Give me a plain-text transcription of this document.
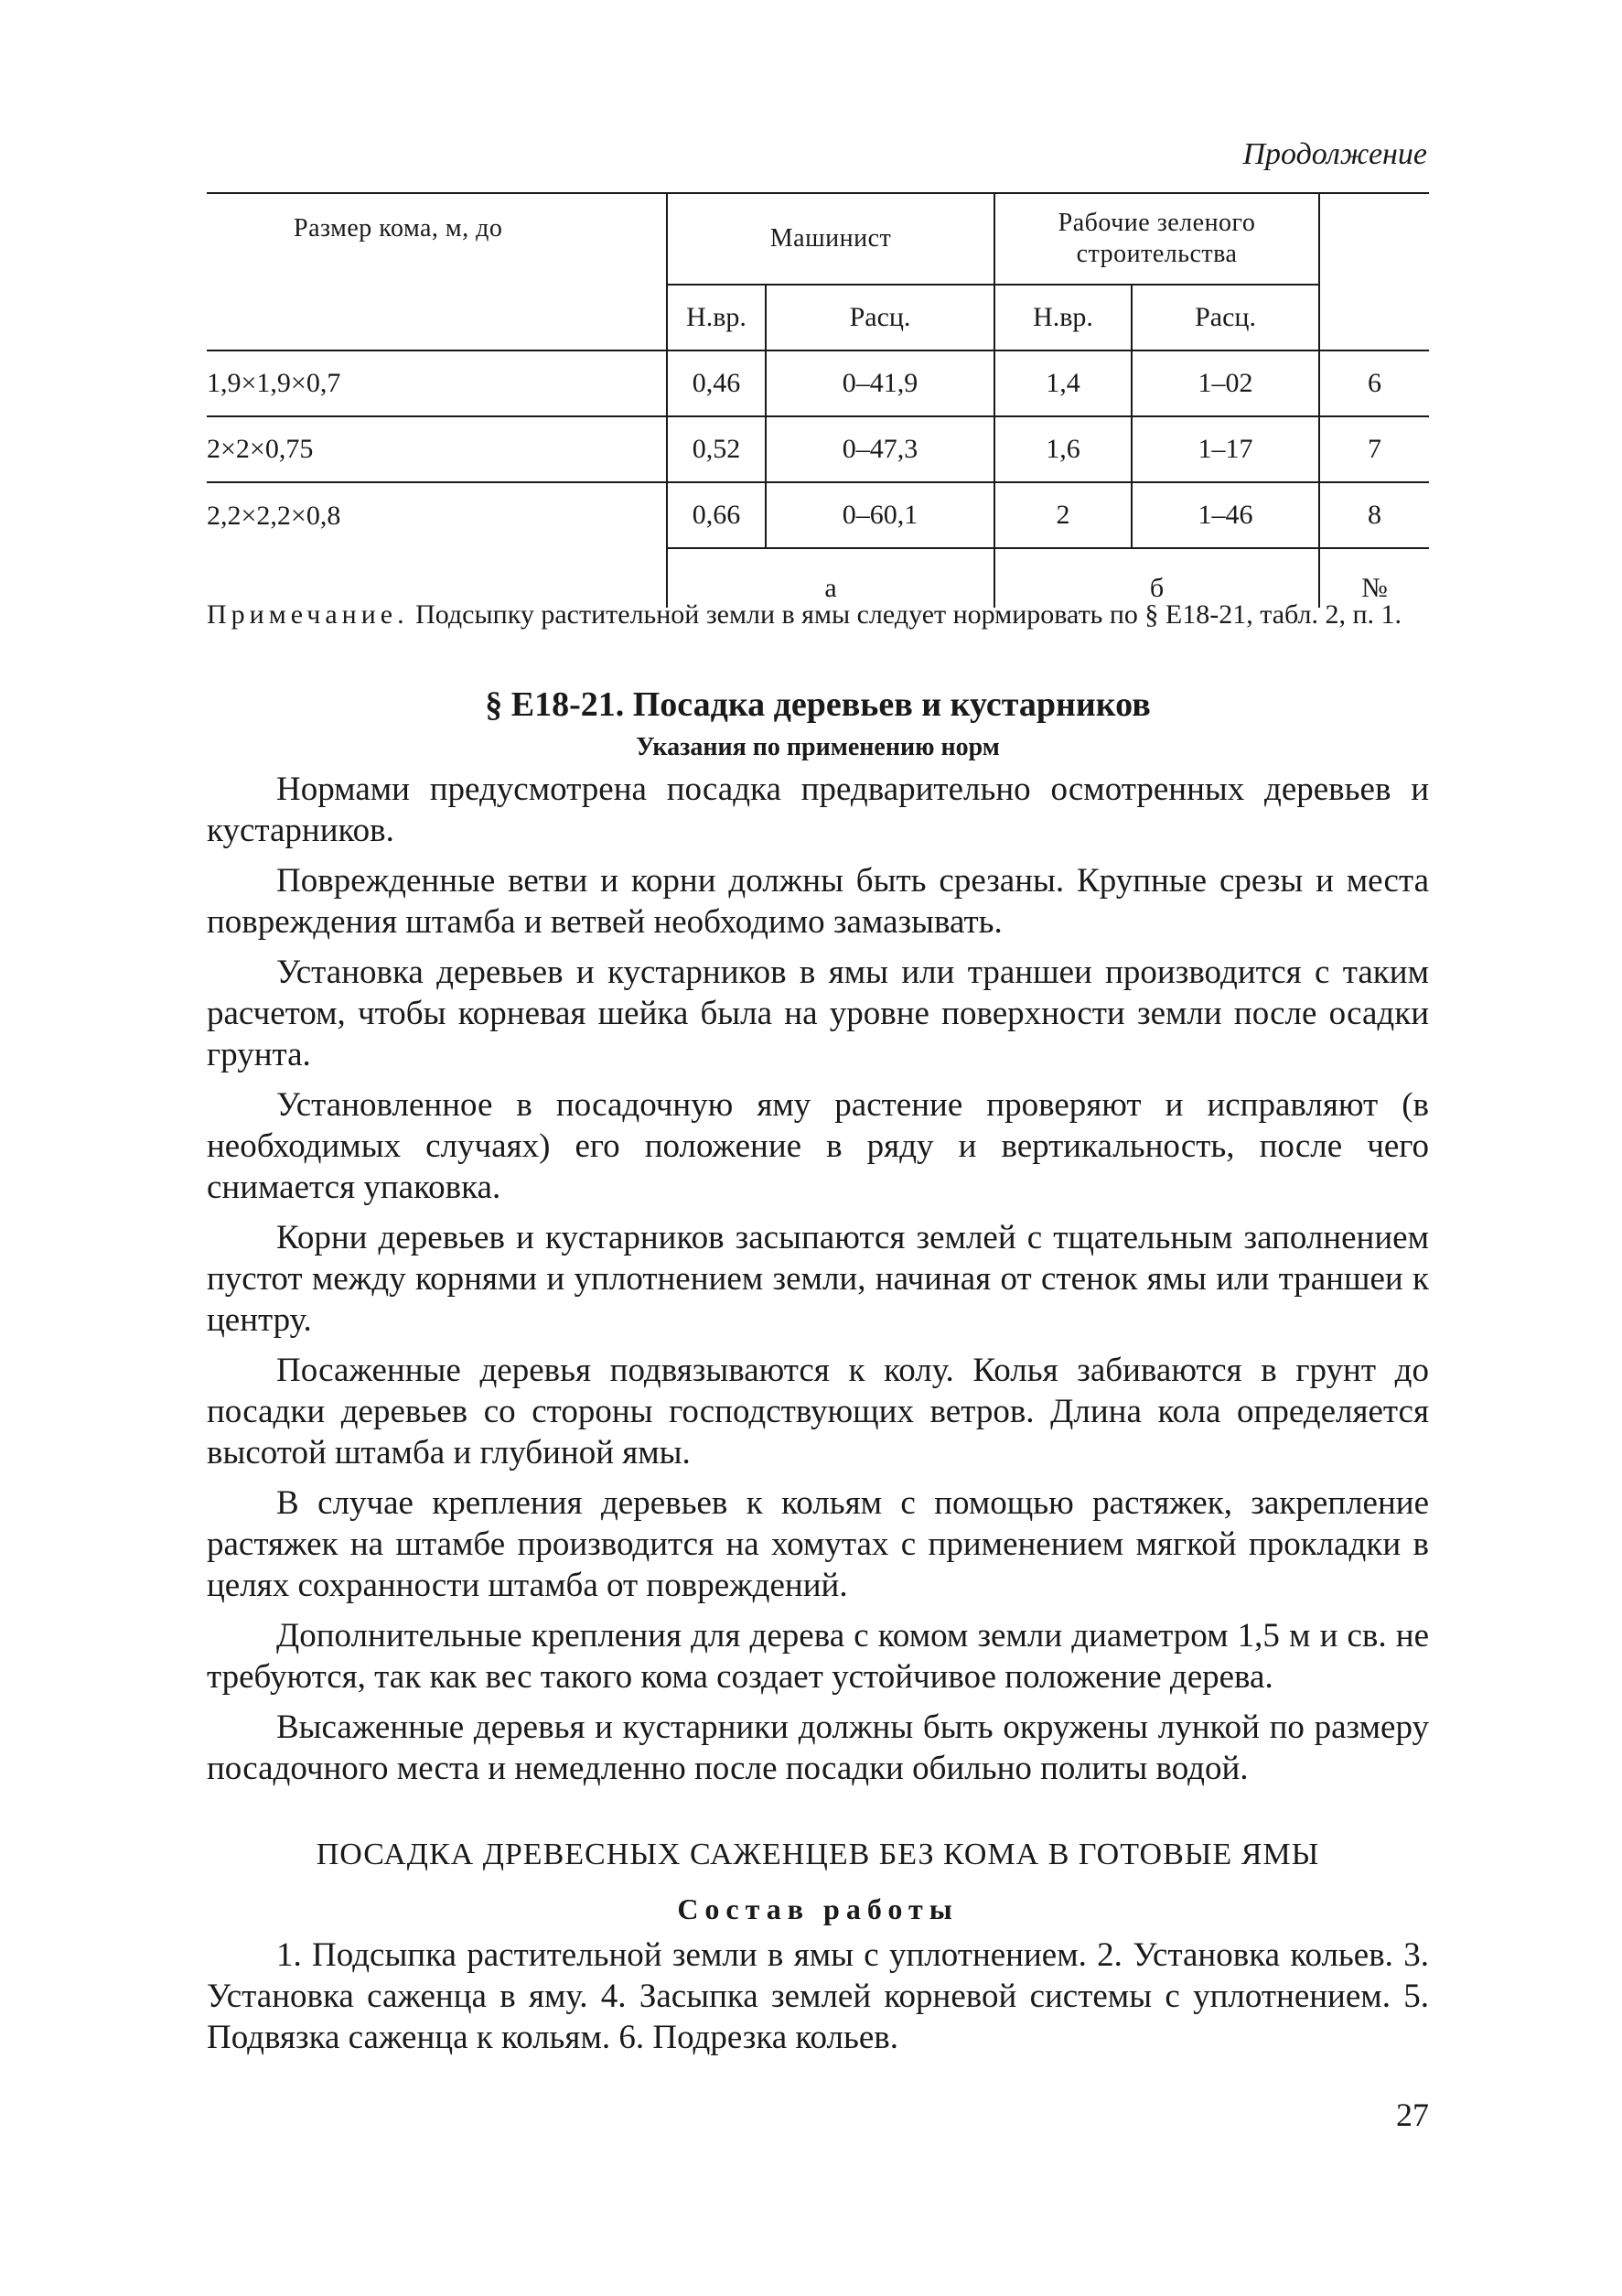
Продолжение
Размер кома, м, до	Машинист		Рабочие зеленого строительства		
	Н.вр.	Расц.	Н.вр.	Расц.	
1,9×1,9×0,7	0,46	0–41,9	1,4	1–02	6
2×2×0,75	0,52	0–47,3	1,6	1–17	7
2,2×2,2×0,8	0,66	0–60,1	2	1–46	8
	а		б		№
Примечание. Подсыпку растительной земли в ямы следует нормировать по § Е18-21, табл. 2, п. 1.
§ Е18-21. Посадка деревьев и кустарников
Указания по применению норм

Нормами предусмотрена посадка предварительно осмотренных деревьев и кустарников.

Поврежденные ветви и корни должны быть срезаны. Крупные срезы и места повреждения штамба и ветвей необходимо замазывать.

Установка деревьев и кустарников в ямы или траншеи производится с таким расчетом, чтобы корневая шейка была на уровне поверхности земли после осадки грунта.

Установленное в посадочную яму растение проверяют и исправляют (в необходимых случаях) его положение в ряду и вертикальность, после чего снимается упаковка.

Корни деревьев и кустарников засыпаются землей с тщательным заполнением пустот между корнями и уплотнением земли, начиная от стенок ямы или траншеи к центру.

Посаженные деревья подвязываются к колу. Колья забиваются в грунт до посадки деревьев со стороны господствующих ветров. Длина кола определяется высотой штамба и глубиной ямы.

В случае крепления деревьев к кольям с помощью растяжек, закрепление растяжек на штамбе производится на хомутах с применением мягкой прокладки в целях сохранности штамба от повреждений.

Дополнительные крепления для дерева с комом земли диаметром 1,5 м и св. не требуются, так как вес такого кома создает устойчивое положение дерева.

Высаженные деревья и кустарники должны быть окружены лункой по размеру посадочного места и немедленно после посадки обильно политы водой.

ПОСАДКА ДРЕВЕСНЫХ САЖЕНЦЕВ БЕЗ КОМА В ГОТОВЫЕ ЯМЫ
Состав работы

1. Подсыпка растительной земли в ямы с уплотнением. 2. Установка кольев. 3. Установка саженца в яму. 4. Засыпка землей корневой системы с уплотнением. 5. Подвязка саженца к кольям. 6. Подрезка кольев.

27
